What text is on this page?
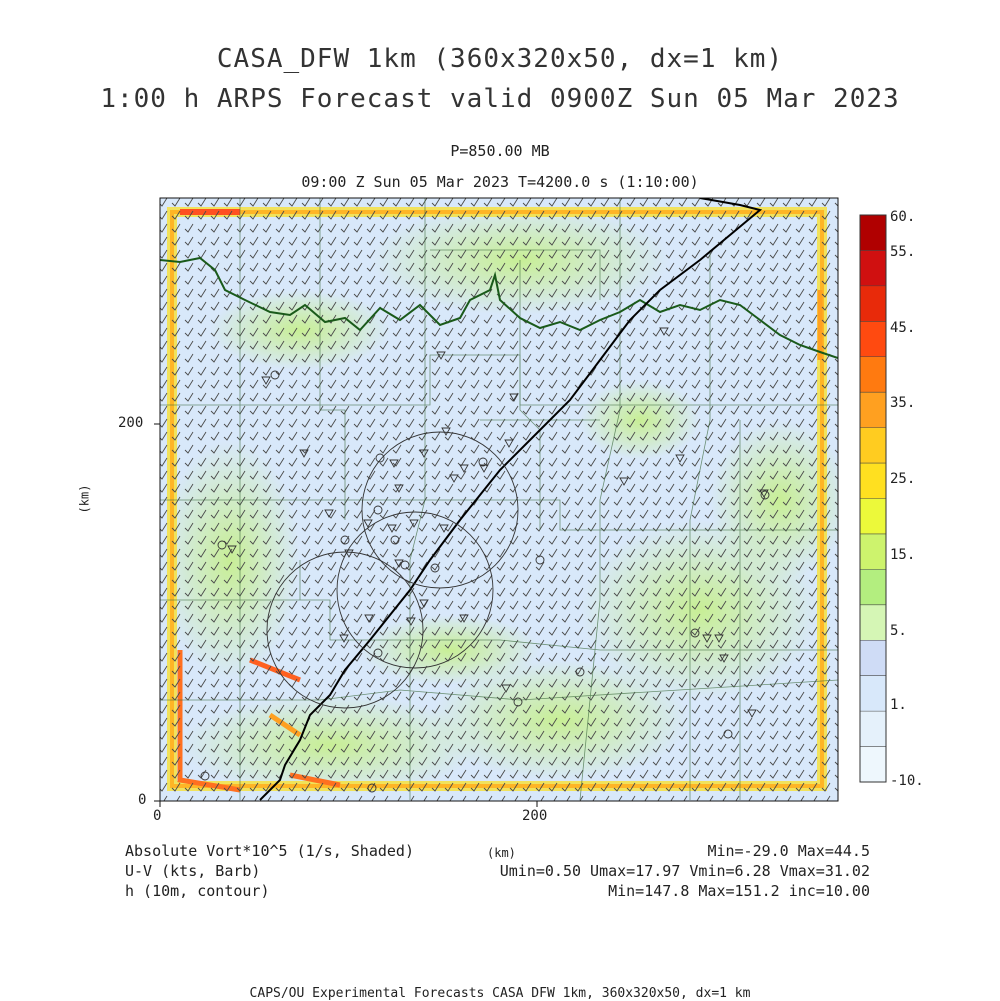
CASA_DFW 1km (360x320x50, dx=1 km)
1:00 h ARPS Forecast valid 0900Z Sun 05 Mar 2023
P=850.00 MB
09:00 Z Sun 05 Mar 2023 T=4200.0 s (1:10:00)
0	200
0
200
(km)
60.
55.
45.
35.
25.
15.
5.
1.
-10.
Absolute Vort*10^5 (1/s, Shaded)
U-V (kts, Barb)
h (10m, contour)
(km)	Min=-29.0 Max=44.5
Umin=0.50 Umax=17.97 Vmin=6.28 Vmax=31.02
Min=147.8 Max=151.2 inc=10.00
CAPS/OU Experimental Forecasts CASA DFW 1km, 360x320x50, dx=1 km
